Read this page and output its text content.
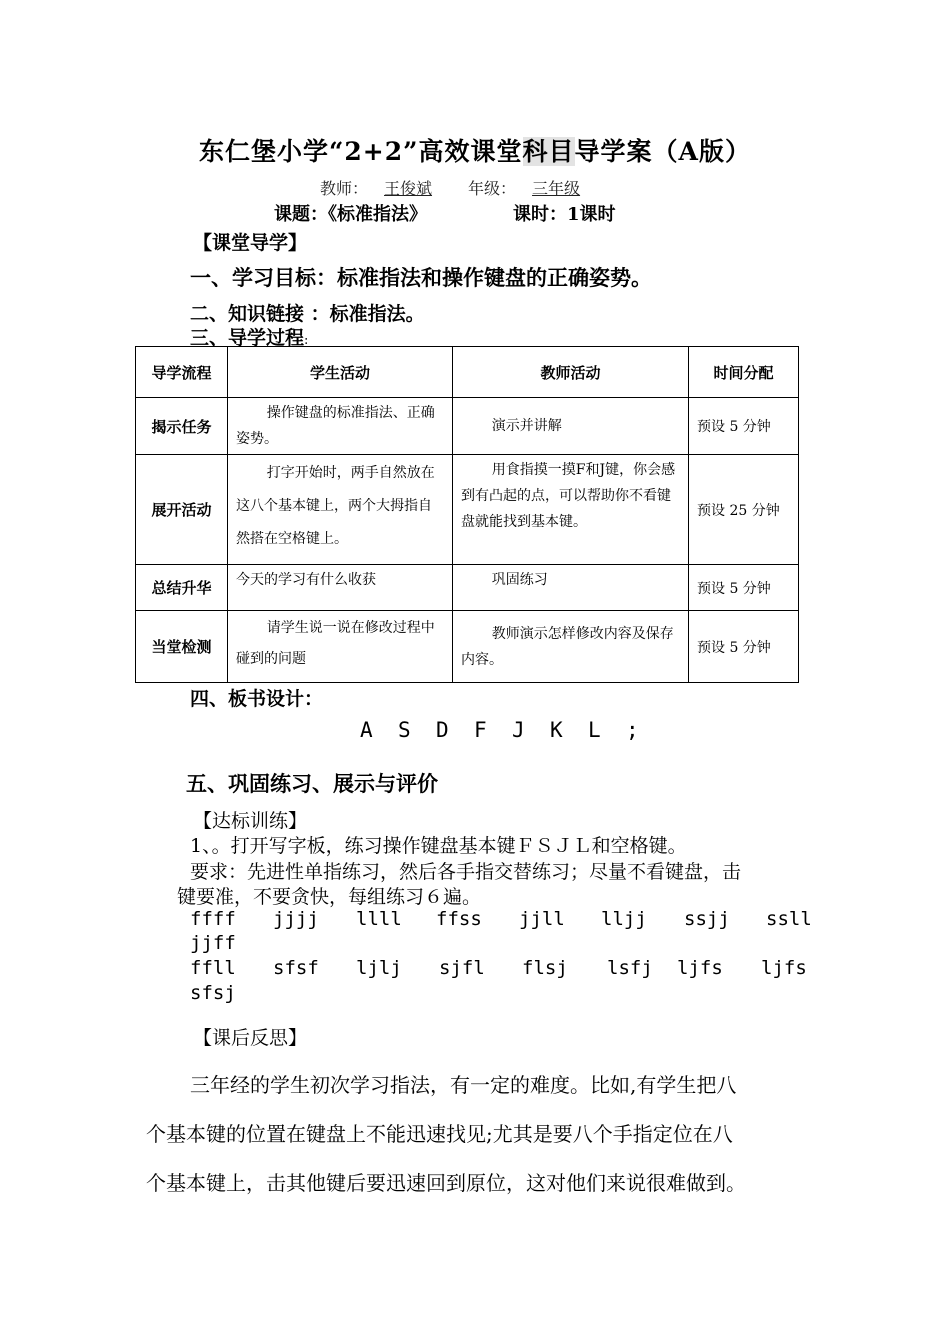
东仁堡小学“2+2”高效课堂科目导学案（A版）
教师： 王俊斌 年级： 三年级
课题：《标准指法》	课时：1课时
【课堂导学】
一、学习目标：标准指法和操作键盘的正确姿势。
二、知识链接 ：标准指法。
三、导学过程:
导学流程	学生活动	教师活动	时间分配
揭示任务	操作键盘的标准指法、正确姿势。	演示并讲解	预设 5 分钟
展开活动	打字开始时，两手自然放在这八个基本键上，两个大拇指自然搭在空格键上。	用食指摸一摸F和J键，你会感到有凸起的点，可以帮助你不看键盘就能找到基本键。	预设 25 分钟
总结升华	今天的学习有什么收获	巩固练习	预设 5 分钟
当堂检测	请学生说一说在修改过程中碰到的问题	教师演示怎样修改内容及保存内容。	预设 5 分钟
四、板书设计：
A S D F J K L ;
五、巩固练习、展示与评价
【达标训练】
1、。打开写字板，练习操作键盘基本键ＦＳＪＬ和空格键。
要求：先进性单指练习，然后各手指交替练习；尽量不看键盘，击
键要准，不要贪快，每组练习６遍。
ffff jjjj llll ffss jjll lljj ssjj ssll
jjff
ffll sfsf ljlj sjfl flsj lsfj ljfs ljfs
sfsj
【课后反思】
三年经的学生初次学习指法，有一定的难度。比如,有学生把八
个基本键的位置在键盘上不能迅速找见;尤其是要八个手指定位在八
个基本键上，击其他键后要迅速回到原位，这对他们来说很难做到。
